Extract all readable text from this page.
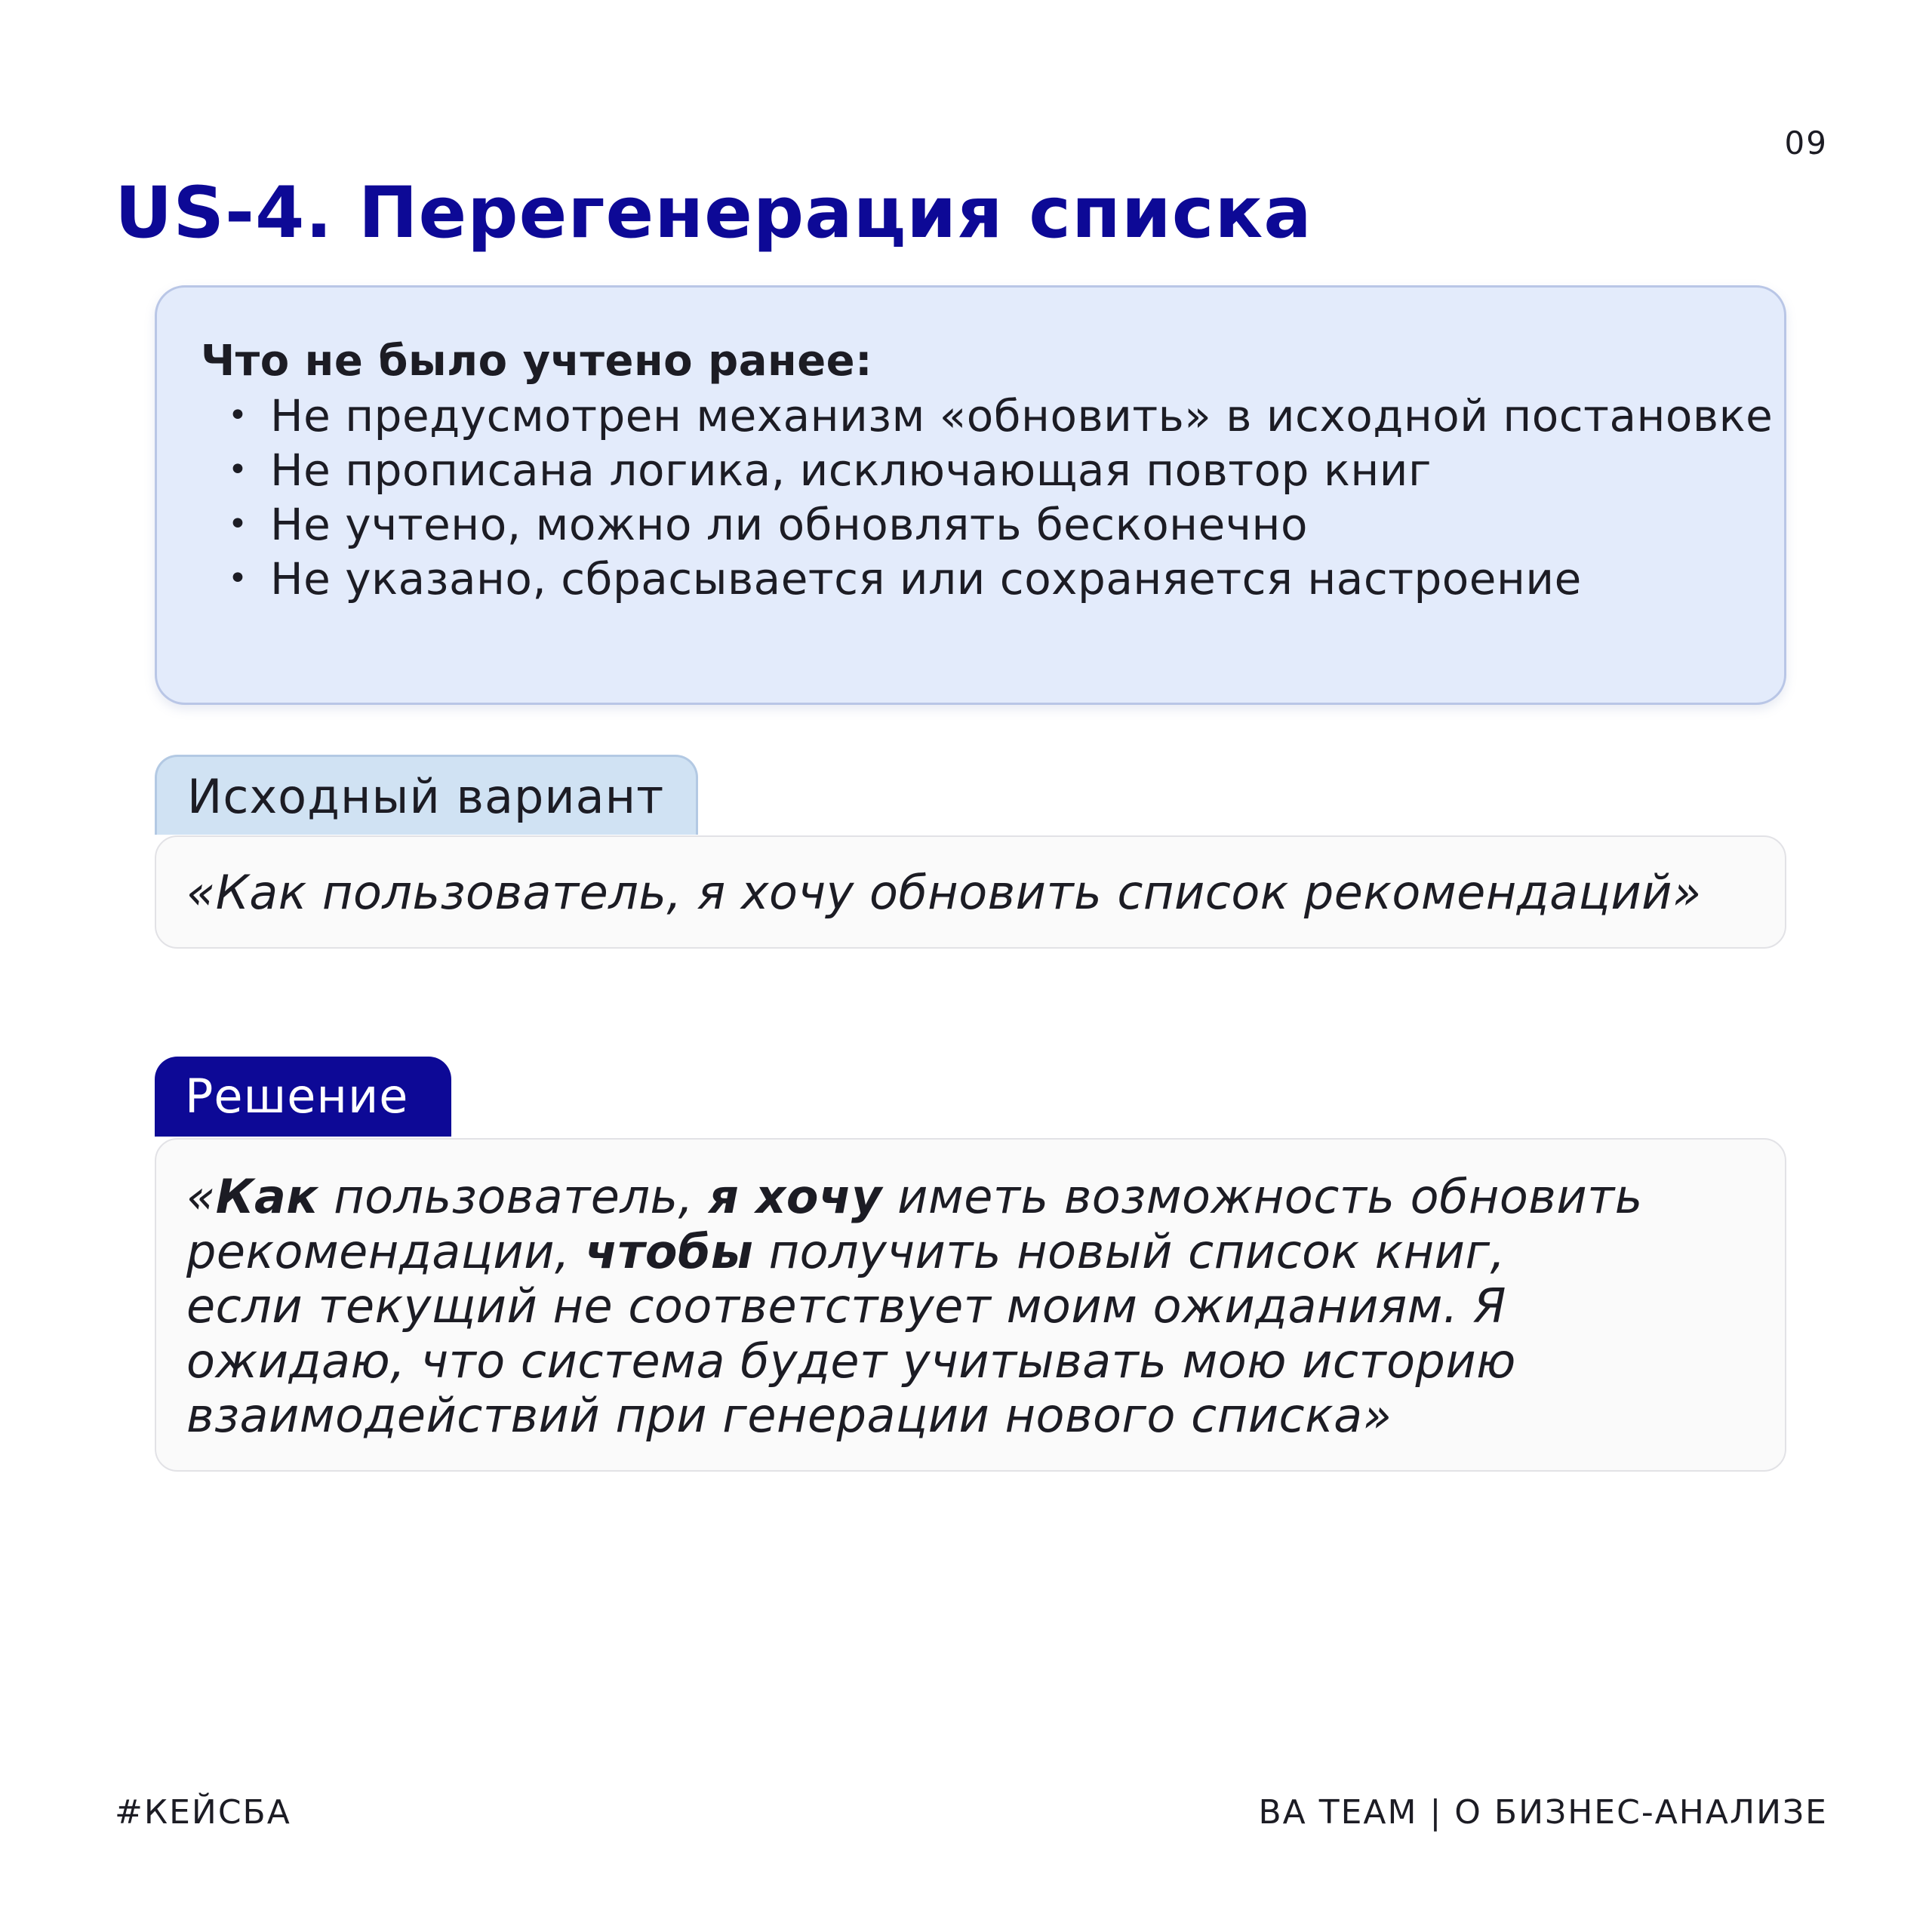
09
US-4. Перегенерация списка
Что не было учтено ранее:
• Не предусмотрен механизм «обновить» в исходной постановке
• Не прописана логика, исключающая повтор книг
• Не учтено, можно ли обновлять бесконечно
• Не указано, сбрасывается или сохраняется настроение
Исходный вариант
«Как пользователь, я хочу обновить список рекомендаций»
Решение
«Как пользователь, я хочу иметь возможность обновить рекомендации, чтобы получить новый список книг,
если текущий не соответствует моим ожиданиям. Я ожидаю, что система будет учитывать мою историю взаимодействий при генерации нового списка»
#КЕЙСБА	BA TEAM | О БИЗНЕС-АНАЛИЗЕ
